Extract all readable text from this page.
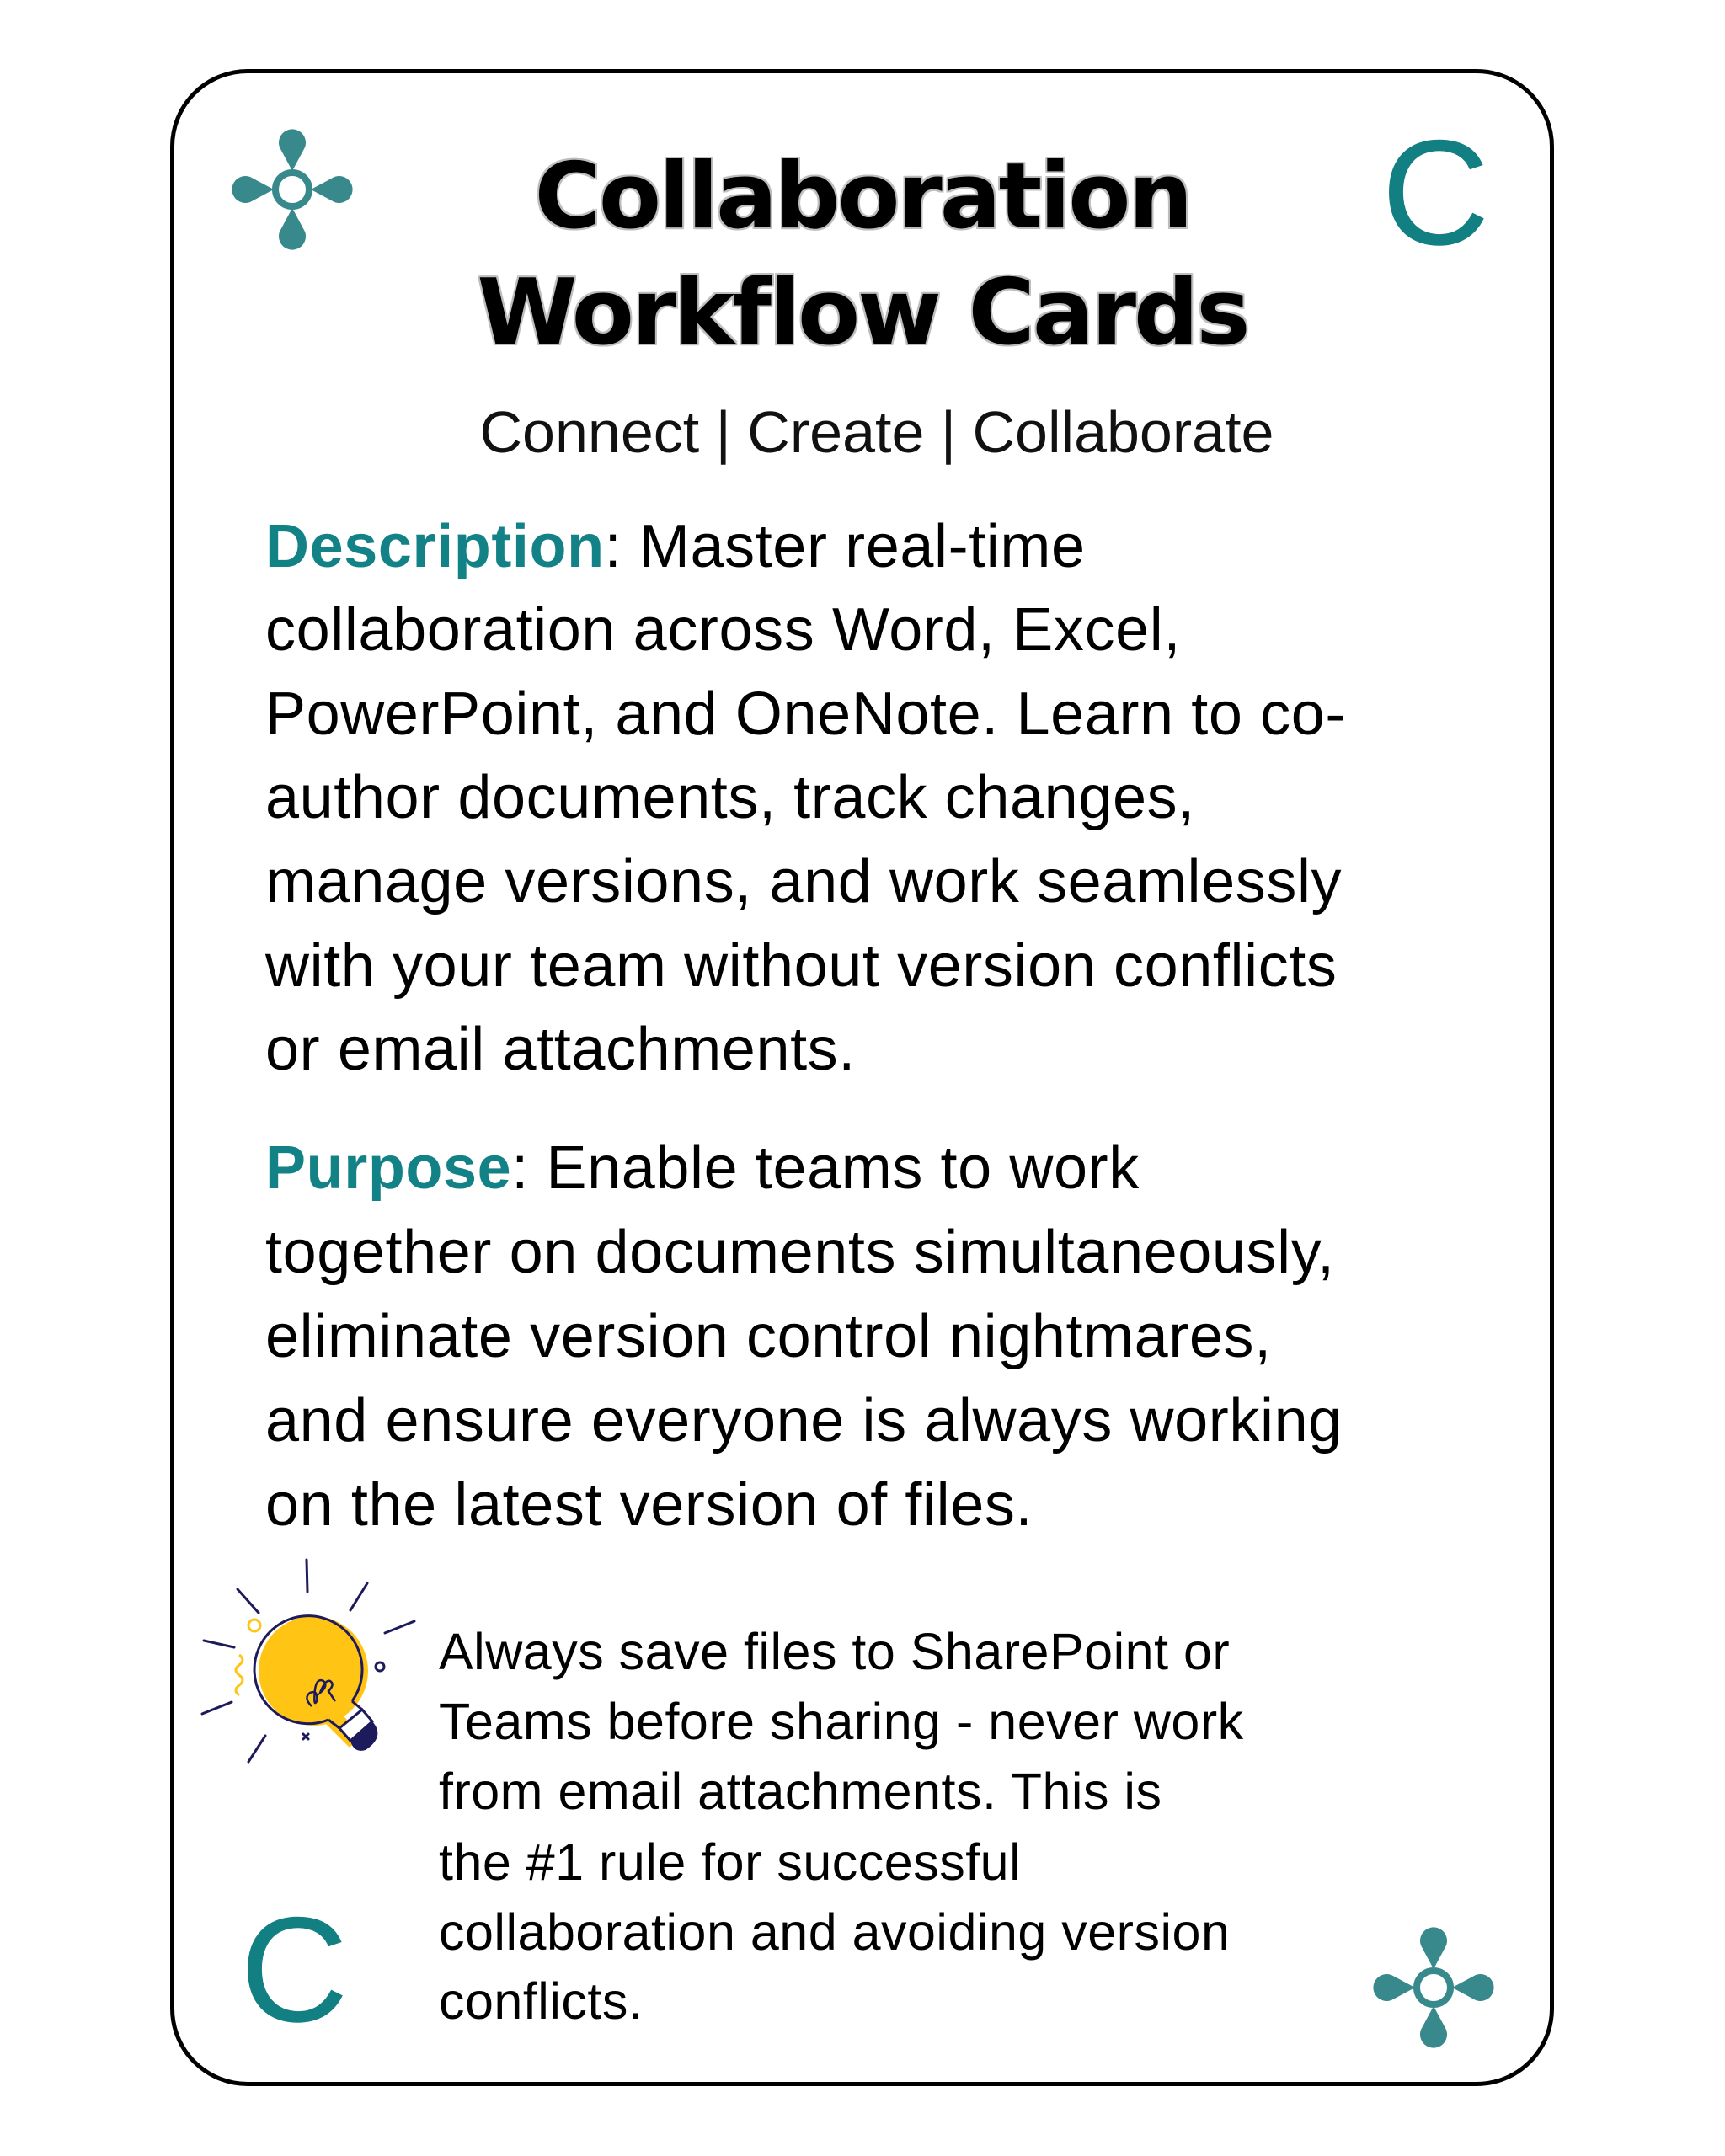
C
Collaboration
Workflow Cards
Connect | Create | Collaborate
Description: Master real-time
collaboration across Word, Excel,
PowerPoint, and OneNote. Learn to co-
author documents, track changes,
manage versions, and work seamlessly
with your team without version conflicts
or email attachments.
Purpose: Enable teams to work
together on documents simultaneously,
eliminate version control nightmares,
and ensure everyone is always working
on the latest version of files.
Always save files to SharePoint or
Teams before sharing - never work
from email attachments. This is
the #1 rule for successful
collaboration and avoiding version
conflicts.
C
